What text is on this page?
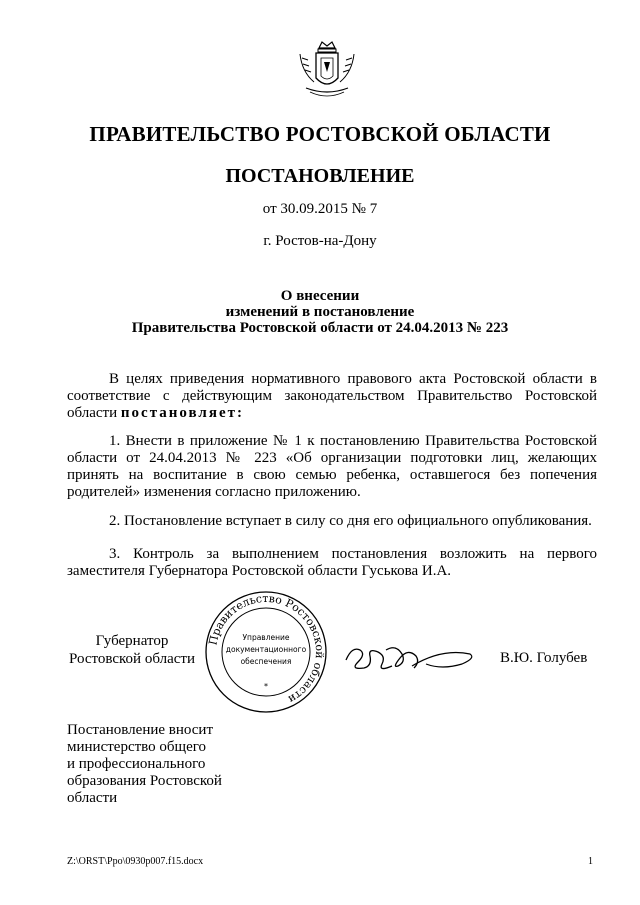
ПРАВИТЕЛЬСТВО РОСТОВСКОЙ ОБЛАСТИ
ПОСТАНОВЛЕНИЕ
от 30.09.2015 № 7
г. Ростов-на-Дону
О внесении
изменений в постановление
Правительства Ростовской области от 24.04.2013 № 223
В целях приведения нормативного правового акта Ростовской области в соответствие с действующим законодательством Правительство Ростовской области постановляет:
1. Внести в приложение № 1 к постановлению Правительства Ростовской области от 24.04.2013 № 223 «Об организации подготовки лиц, желающих принять на воспитание в свою семью ребенка, оставшегося без попечения родителей» изменения согласно приложению.
2. Постановление вступает в силу со дня его официального опубликования.
3. Контроль за выполнением постановления возложить на первого заместителя Губернатора Ростовской области Гуськова И.А.
Губернатор
Ростовской области
Правительство Ростовской области
Управление
документационного
обеспечения
*
В.Ю. Голубев
Постановление вносит
министерство общего
и профессионального
образования Ростовской
области
Z:\ORST\Ppo\0930p007.f15.docx	1
